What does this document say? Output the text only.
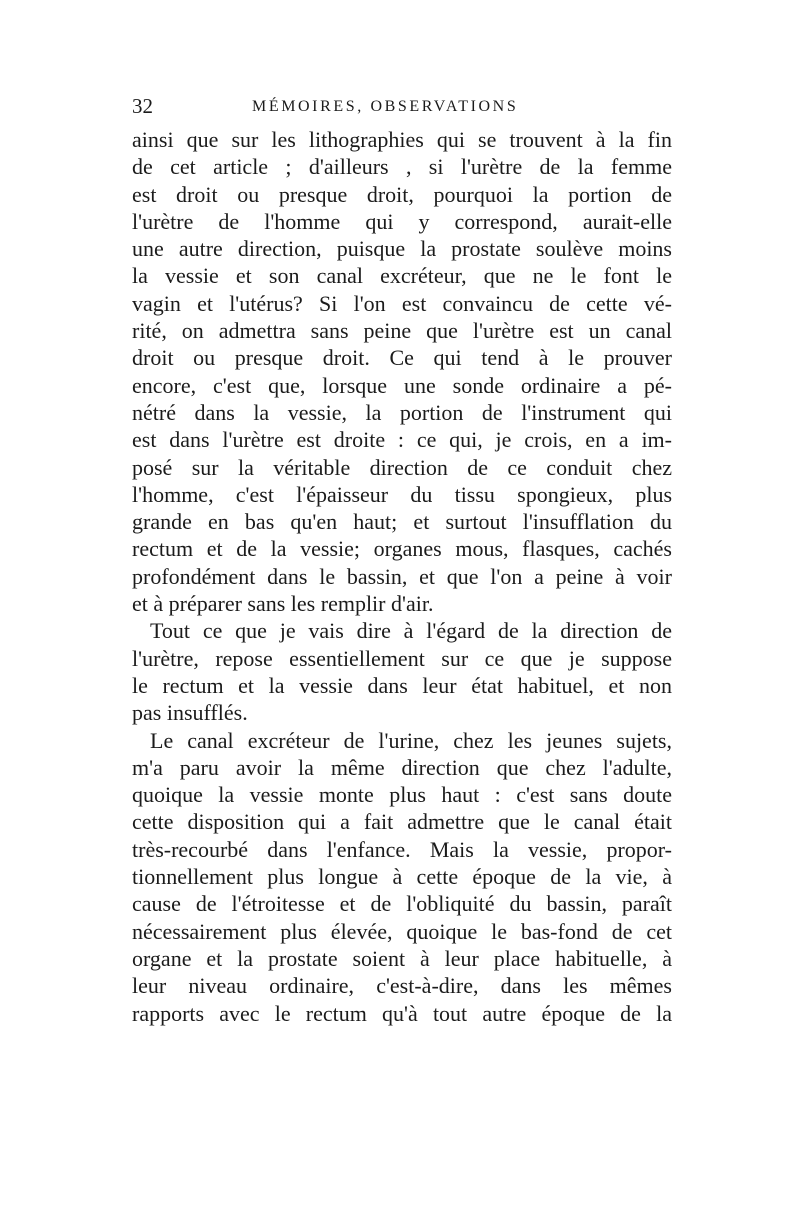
32	MÉMOIRES, OBSERVATIONS
ainsi que sur les lithographies qui se trouvent à la fin
de cet article ; d'ailleurs , si l'urètre de la femme
est droit ou presque droit, pourquoi la portion de
l'urètre de l'homme qui y correspond, aurait-elle
une autre direction, puisque la prostate soulève moins
la vessie et son canal excréteur, que ne le font le
vagin et l'utérus? Si l'on est convaincu de cette vé-
rité, on admettra sans peine que l'urètre est un canal
droit ou presque droit. Ce qui tend à le prouver
encore, c'est que, lorsque une sonde ordinaire a pé-
nétré dans la vessie, la portion de l'instrument qui
est dans l'urètre est droite : ce qui, je crois, en a im-
posé sur la véritable direction de ce conduit chez
l'homme, c'est l'épaisseur du tissu spongieux, plus
grande en bas qu'en haut; et surtout l'insufflation du
rectum et de la vessie; organes mous, flasques, cachés
profondément dans le bassin, et que l'on a peine à voir
et à préparer sans les remplir d'air.
Tout ce que je vais dire à l'égard de la direction de
l'urètre, repose essentiellement sur ce que je suppose
le rectum et la vessie dans leur état habituel, et non
pas insufflés.
Le canal excréteur de l'urine, chez les jeunes sujets,
m'a paru avoir la même direction que chez l'adulte,
quoique la vessie monte plus haut : c'est sans doute
cette disposition qui a fait admettre que le canal était
très-recourbé dans l'enfance. Mais la vessie, propor-
tionnellement plus longue à cette époque de la vie, à
cause de l'étroitesse et de l'obliquité du bassin, paraît
nécessairement plus élevée, quoique le bas-fond de cet
organe et la prostate soient à leur place habituelle, à
leur niveau ordinaire, c'est-à-dire, dans les mêmes
rapports avec le rectum qu'à tout autre époque de la
